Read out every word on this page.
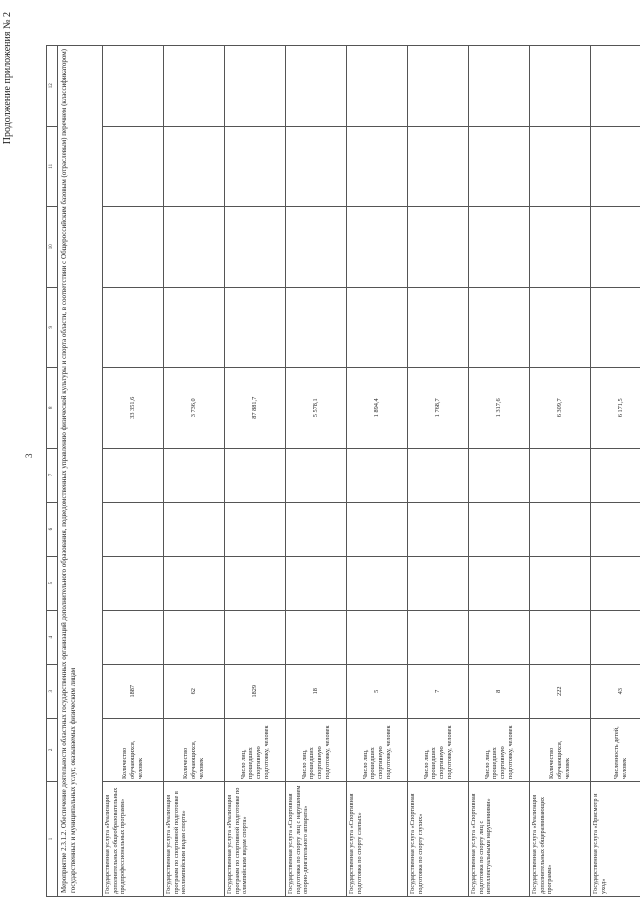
3
Продолжение приложения № 2
1	2	3	4	5	6	7	8	9	10	11	12
Мероприятие 2.3.1.2. Обеспечение деятельности областных государственных организаций дополнительного образования, подведомственных управлению физической культуры и спорта области, в соответствии с Общероссийским базовым (отраслевым) перечнем (классификатором) государственных и муниципальных услуг, оказываемых физическим лицам											
Государственная услуга «Реализация дополнительных общеобразовательных предпрофессиональных программ»	Количество обучающихся, человек	1887					33 351,6				
Государственная услуга «Реализация программ по спортивной подготовке в неолимпийским видам спорта»	Количество обучающихся, человек	62					3 736,0				
Государственная услуга «Реализация программ по спортивной подготовке по олимпийским видам спорта»	Число лиц, прошедших спортивную подготовку, человек	1829					87 881,7				
Государственная услуга «Спортивная подготовка по спорту лиц с нарушением опорно-двигательного аппарата»	Число лиц, прошедших спортивную подготовку, человек	18					5 578,1				
Государственная услуга «Спортивная подготовка по спорту слепых»	Число лиц, прошедших спортивную подготовку, человек	5					1 894,4				
Государственная услуга «Спортивная подготовка по спорту глухих»	Число лиц, прошедших спортивную подготовку, человек	7					1 768,7				
Государственная услуга «Спортивная подготовка по спорту лиц с интеллектуальными нарушениями»	Число лиц, прошедших спортивную подготовку, человек	8					1 317,6				
Государственная услуга «Реализация дополнительных общеразвивающих программ»	Количество обучающихся, человек	222					6 309,7				
Государственная услуга «Присмотр и уход»	Численность детей, человек	43					6 171,5				
